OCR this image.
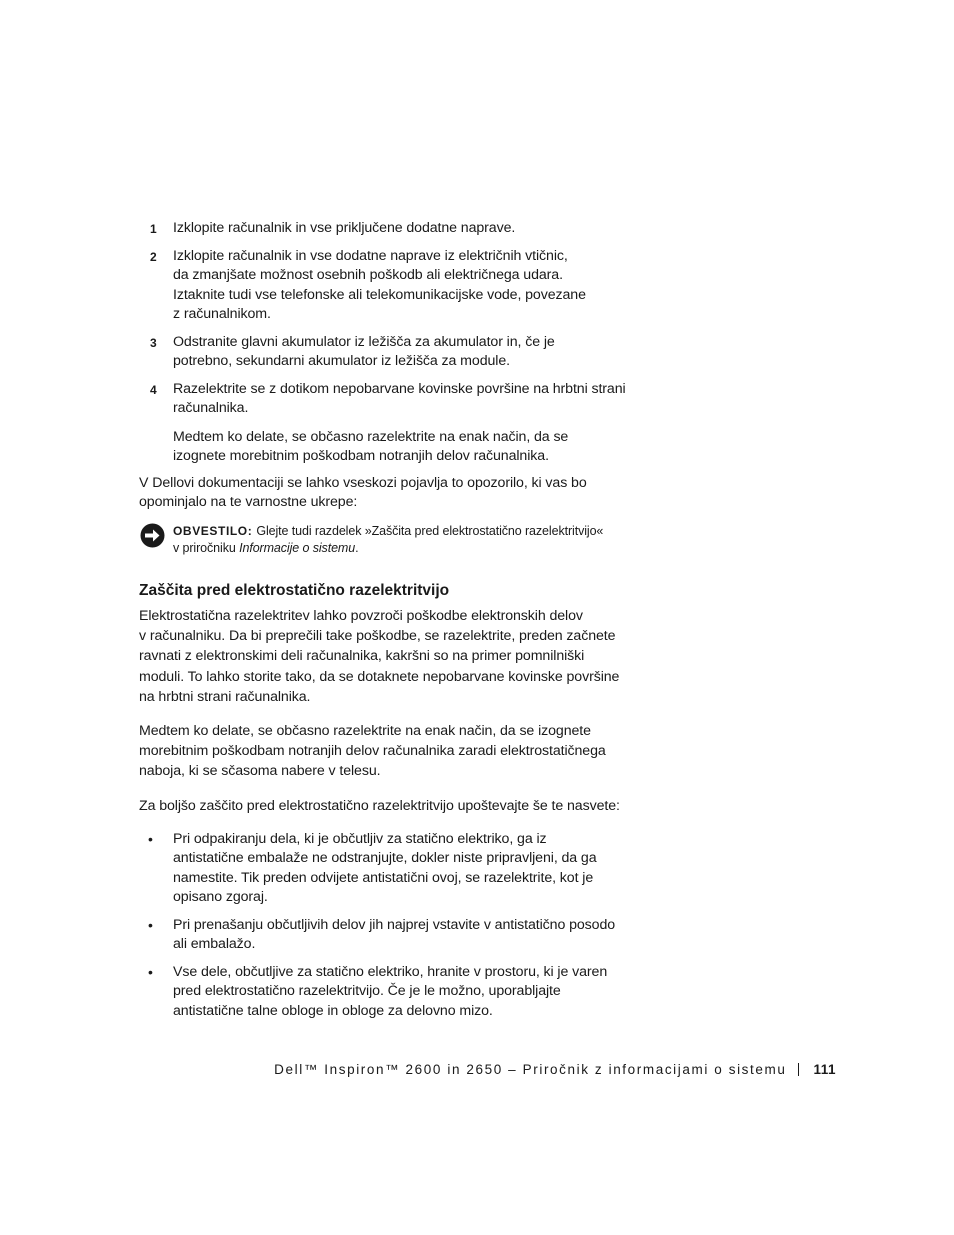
1 Izklopite računalnik in vse priključene dodatne naprave.
2 Izklopite računalnik in vse dodatne naprave iz električnih vtičnic,
da zmanjšate možnost osebnih poškodb ali električnega udara.
Iztaknite tudi vse telefonske ali telekomunikacijske vode, povezane
z računalnikom.
3 Odstranite glavni akumulator iz ležišča za akumulator in, če je
potrebno, sekundarni akumulator iz ležišča za module.
4 Razelektrite se z dotikom nepobarvane kovinske površine na hrbtni strani
računalnika.
Medtem ko delate, se občasno razelektrite na enak način, da se
izognete morebitnim poškodbam notranjih delov računalnika.
V Dellovi dokumentaciji se lahko vseskozi pojavlja to opozorilo, ki vas bo
opominjalo na te varnostne ukrepe:
OBVESTILO: Glejte tudi razdelek »Zaščita pred elektrostatično razelektritvijo«
v priročniku Informacije o sistemu.
Zaščita pred elektrostatično razelektritvijo
Elektrostatična razelektritev lahko povzroči poškodbe elektronskih delov
v računalniku. Da bi preprečili take poškodbe, se razelektrite, preden začnete
ravnati z elektronskimi deli računalnika, kakršni so na primer pomnilniški
moduli. To lahko storite tako, da se dotaknete nepobarvane kovinske površine
na hrbtni strani računalnika.
Medtem ko delate, se občasno razelektrite na enak način, da se izognete
morebitnim poškodbam notranjih delov računalnika zaradi elektrostatičnega
naboja, ki se sčasoma nabere v telesu.
Za boljšo zaščito pred elektrostatično razelektritvijo upoštevajte še te nasvete:
• Pri odpakiranju dela, ki je občutljiv za statično elektriko, ga iz
antistatične embalaže ne odstranjujte, dokler niste pripravljeni, da ga
namestite. Tik preden odvijete antistatični ovoj, se razelektrite, kot je
opisano zgoraj.
• Pri prenašanju občutljivih delov jih najprej vstavite v antistatično posodo
ali embalažo.
• Vse dele, občutljive za statično elektriko, hranite v prostoru, ki je varen
pred elektrostatično razelektritvijo. Če je le možno, uporabljajte
antistatične talne obloge in obloge za delovno mizo.
Dell™ Inspiron™ 2600 in 2650 – Priročnik z informacijami o sistemu 111
